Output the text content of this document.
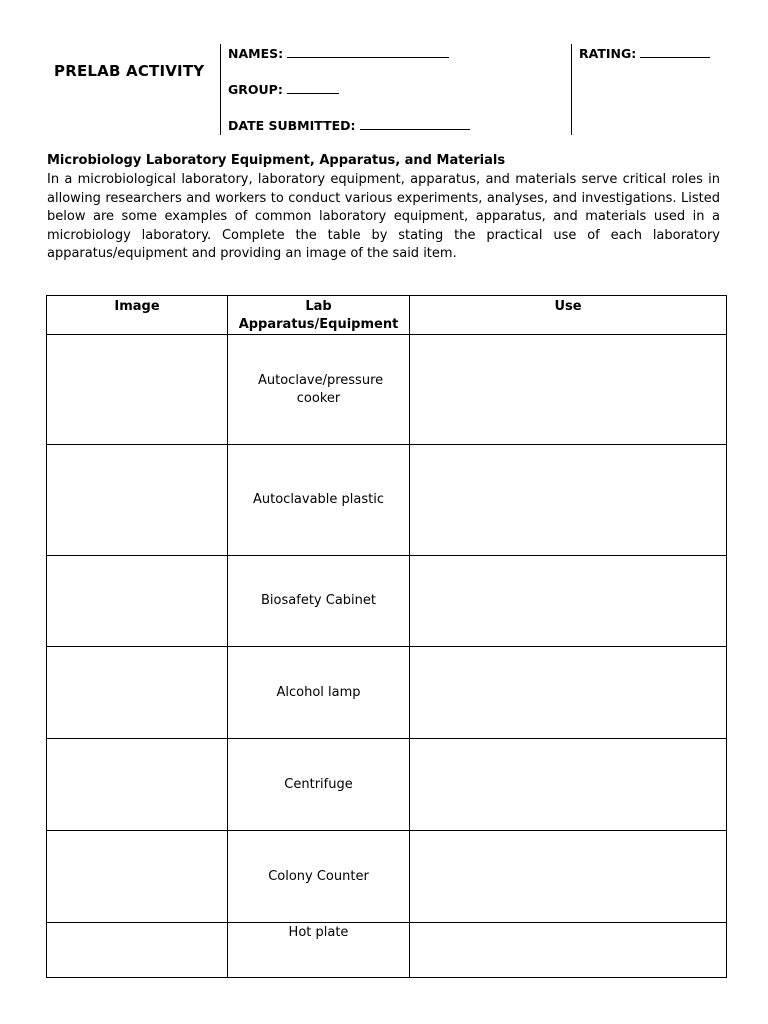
PRELAB ACTIVITY
NAMES:
GROUP:
DATE SUBMITTED:
RATING:
Microbiology Laboratory Equipment, Apparatus, and Materials

In a microbiological laboratory, laboratory equipment, apparatus, and materials serve critical roles in allowing researchers and workers to conduct various experiments, analyses, and investigations. Listed below are some examples of common laboratory equipment, apparatus, and materials used in a microbiology laboratory. Complete the table by stating the practical use of each laboratory apparatus/equipment and providing an image of the said item.

Image	Lab Apparatus/Equipment	Use
	Autoclave/pressure cooker	
	Autoclavable plastic	
	Biosafety Cabinet	
	Alcohol lamp	
	Centrifuge	
	Colony Counter	
	Hot plate	
